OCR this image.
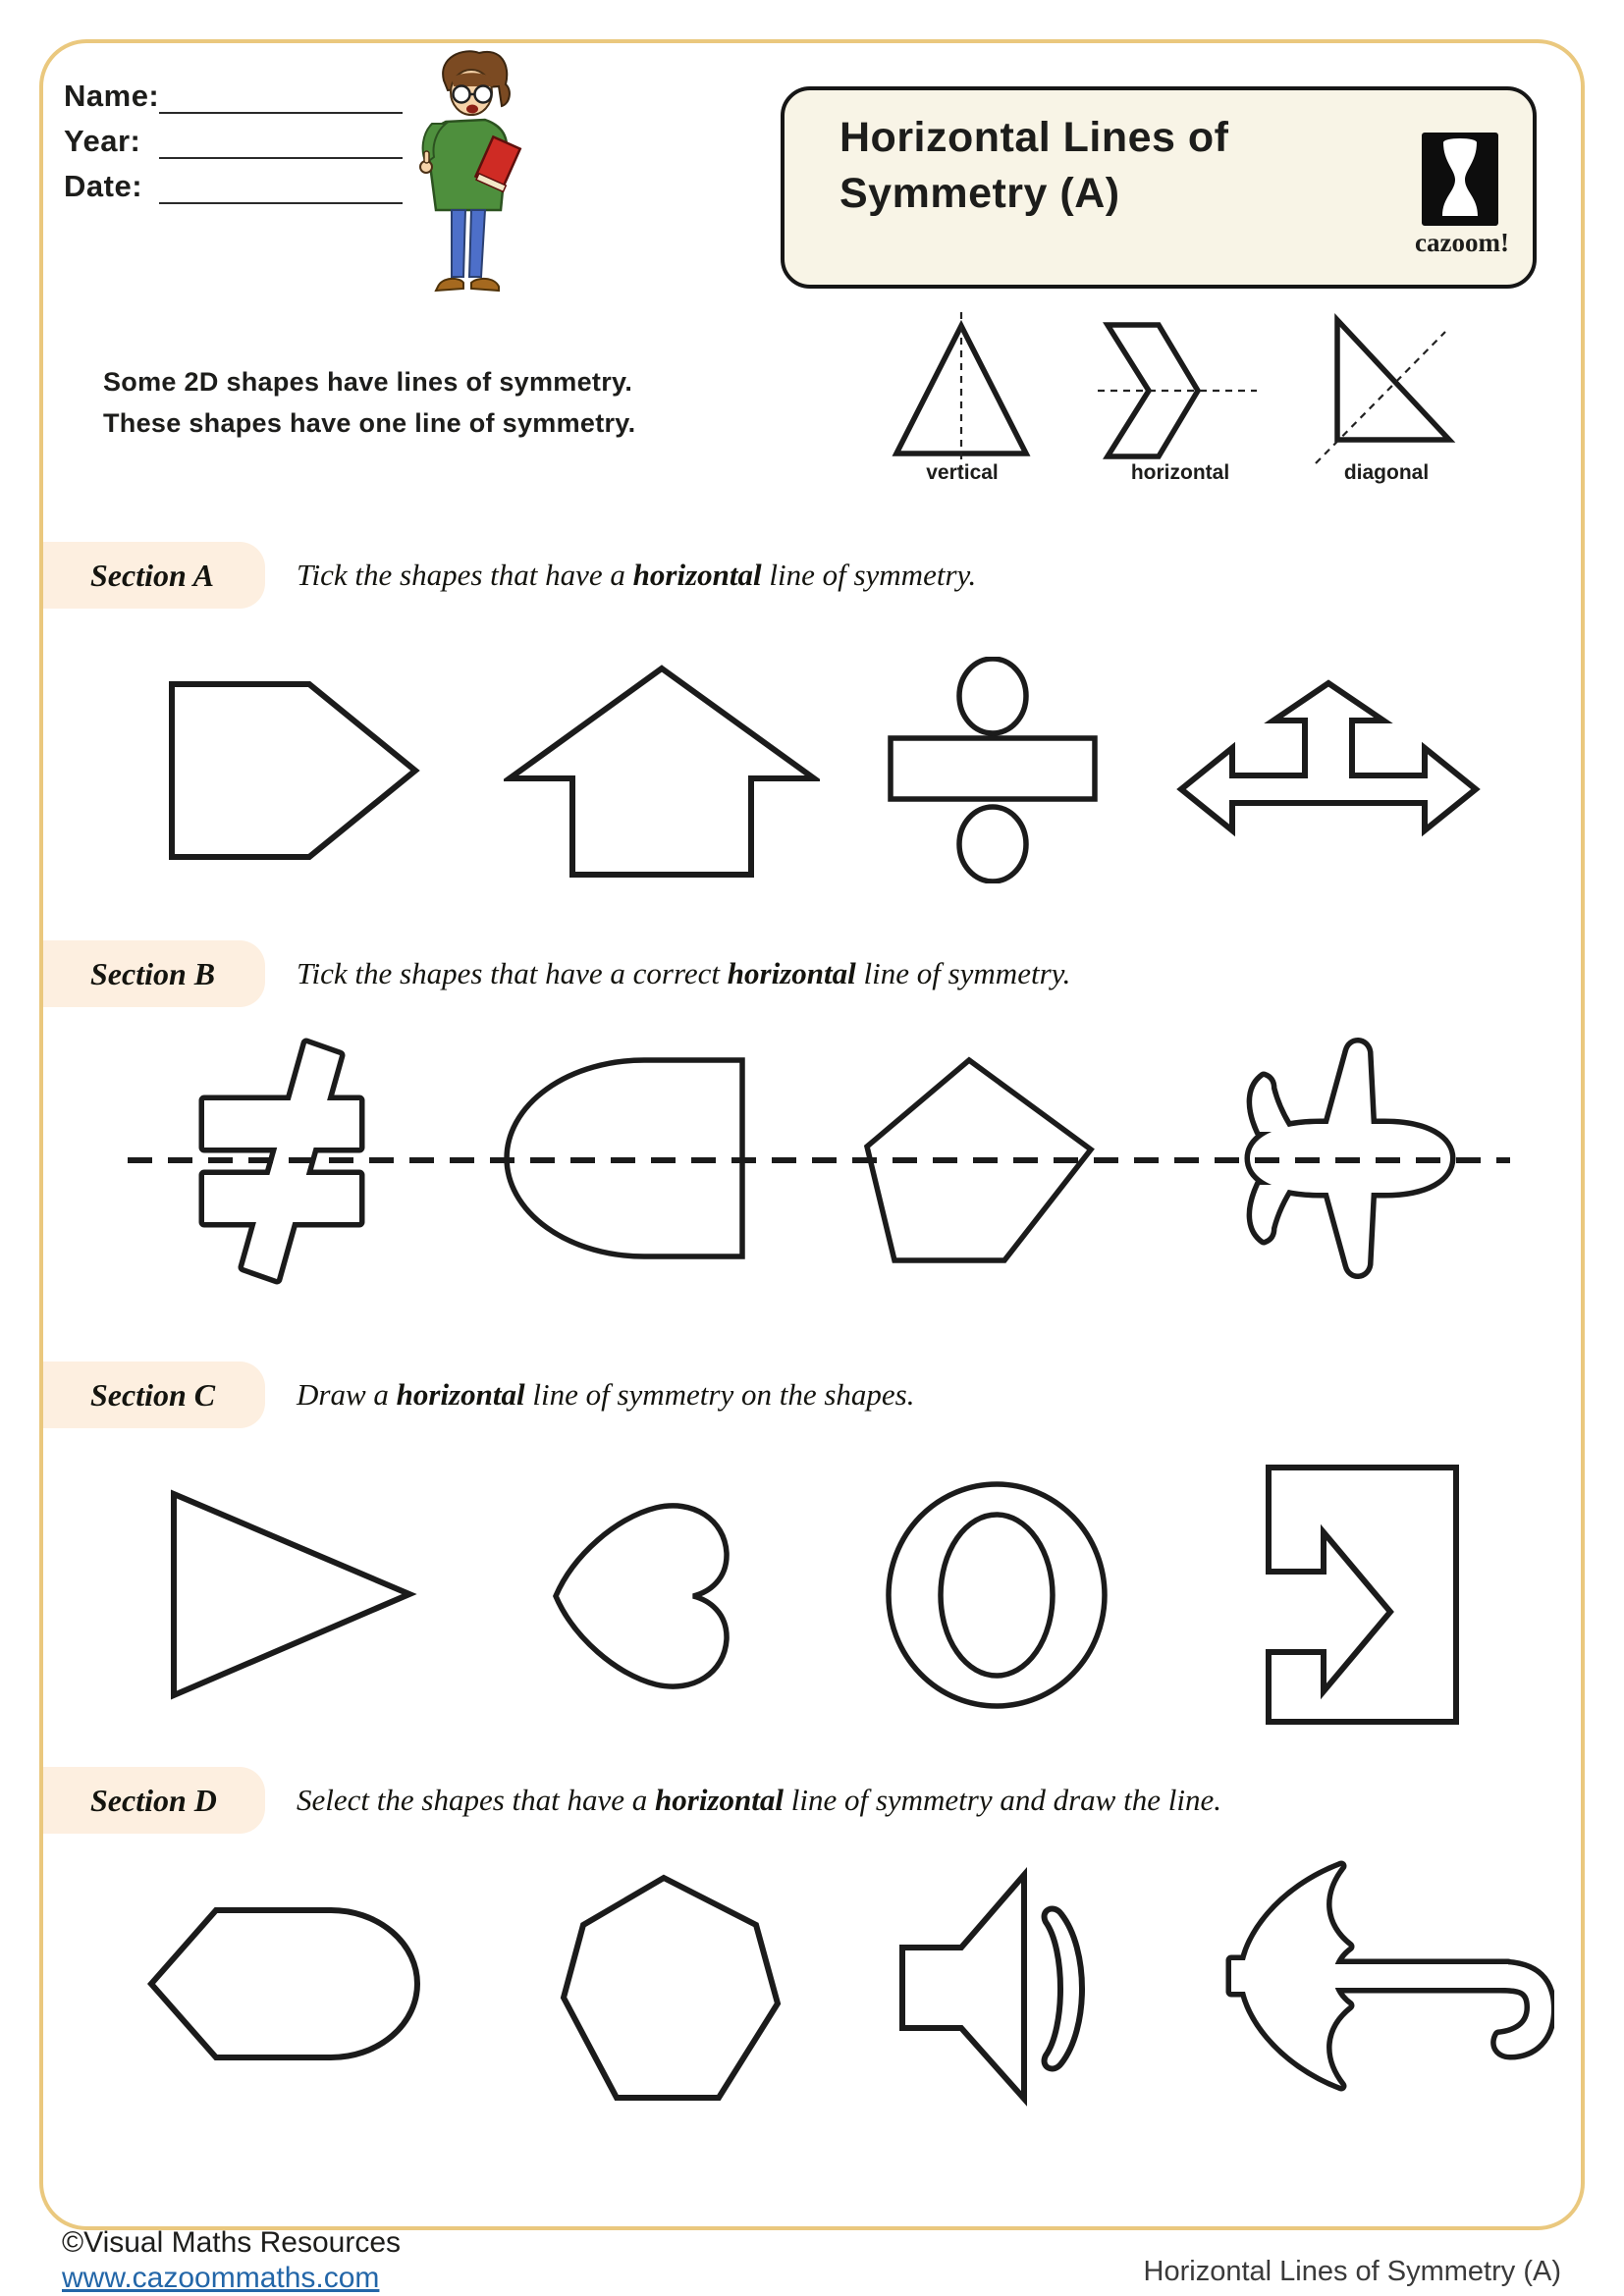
Name:
Year:
Date:
Horizontal Lines of
Symmetry (A)
cazoom!
Some 2D shapes have lines of symmetry.
These shapes have one line of symmetry.
vertical	horizontal	diagonal
Section A	Tick the shapes that have a horizontal line of symmetry.
Section B	Tick the shapes that have a correct horizontal line of symmetry.
Section C	Draw a horizontal line of symmetry on the shapes.
Section D	Select the shapes that have a horizontal line of symmetry and draw the line.
©Visual Maths Resources
www.cazoommaths.com	Horizontal Lines of Symmetry (A)
